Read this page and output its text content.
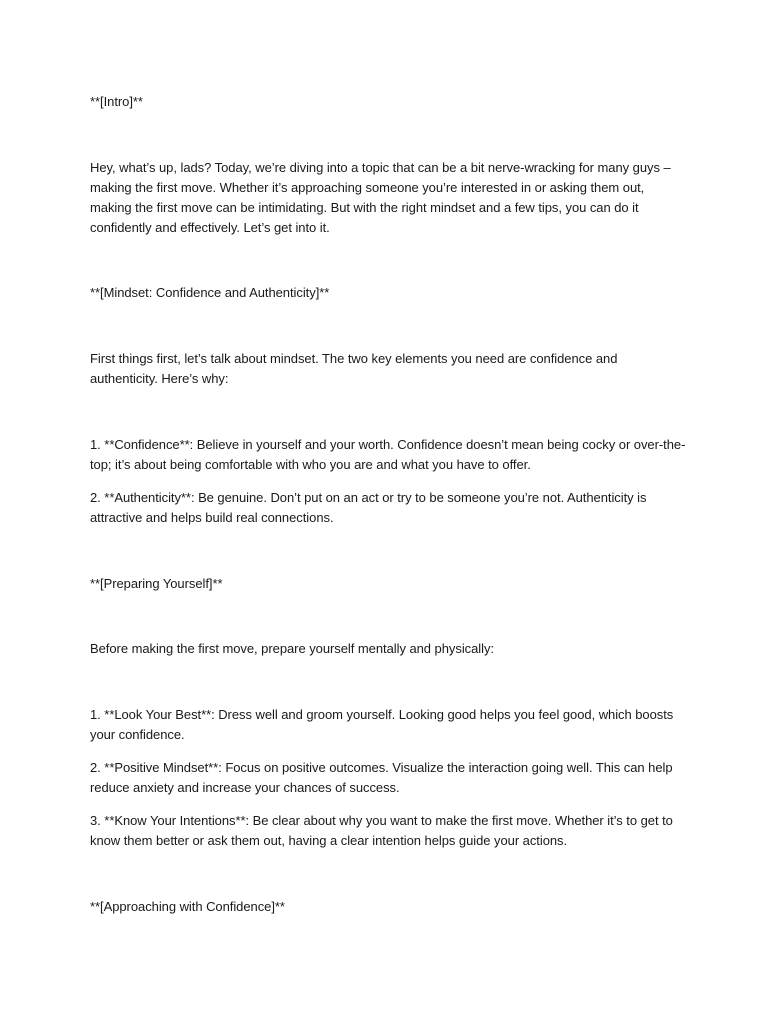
**[Intro]**

Hey, what’s up, lads? Today, we’re diving into a topic that can be a bit nerve-wracking for many guys – making the first move. Whether it’s approaching someone you’re interested in or asking them out, making the first move can be intimidating. But with the right mindset and a few tips, you can do it confidently and effectively. Let’s get into it.

**[Mindset: Confidence and Authenticity]**

First things first, let’s talk about mindset. The two key elements you need are confidence and authenticity. Here’s why:

1. **Confidence**: Believe in yourself and your worth. Confidence doesn’t mean being cocky or over-the-top; it’s about being comfortable with who you are and what you have to offer.

2. **Authenticity**: Be genuine. Don’t put on an act or try to be someone you’re not. Authenticity is attractive and helps build real connections.

**[Preparing Yourself]**

Before making the first move, prepare yourself mentally and physically:

1. **Look Your Best**: Dress well and groom yourself. Looking good helps you feel good, which boosts your confidence.

2. **Positive Mindset**: Focus on positive outcomes. Visualize the interaction going well. This can help reduce anxiety and increase your chances of success.

3. **Know Your Intentions**: Be clear about why you want to make the first move. Whether it’s to get to know them better or ask them out, having a clear intention helps guide your actions.

**[Approaching with Confidence]**
